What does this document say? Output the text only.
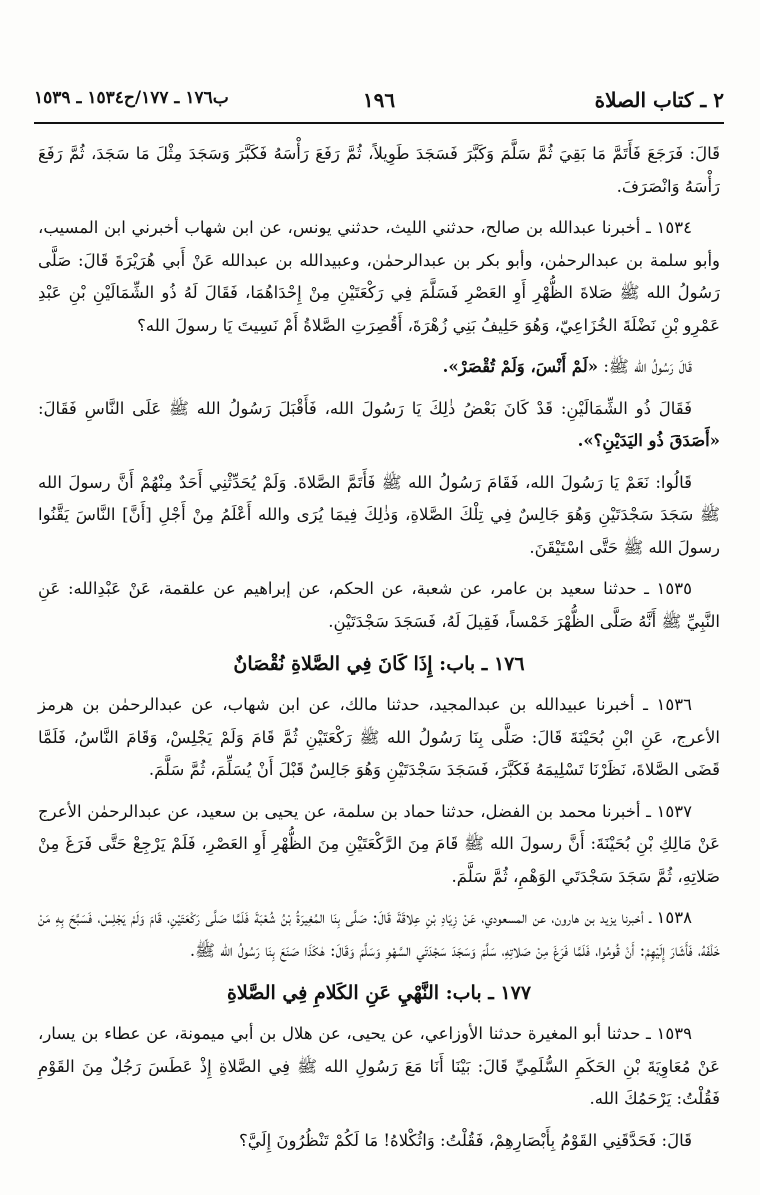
٢ ـ كتاب الصلاة
١٩٦
ب١٧٦ ـ ١٧٧/ح١٥٣٤ ـ ١٥٣٩

قَالَ: فَرَجَعَ فَأَتَمَّ مَا بَقِيَ ثُمَّ سَلَّمَ وَكَبَّرَ فَسَجَدَ طَوِيلاً، ثُمَّ رَفَعَ رَأْسَهُ فَكَبَّرَ وَسَجَدَ مِثْلَ مَا سَجَدَ، ثُمَّ رَفَعَ رَأْسَهُ وَانْصَرَفَ.

١٥٣٤ ـ أخبرنا عبدالله بن صالح، حدثني الليث، حدثني يونس، عن ابن شهاب أخبرني ابن المسيب، وأبو سلمة بن عبدالرحمٰن، وأبو بكر بن عبدالرحمٰن، وعبيدالله بن عبدالله عَنْ أَبي هُرَيْرَةَ قَالَ: صَلَّى رَسُولُ الله ﷺ صَلاةَ الظُّهْرِ أَوِ العَصْرِ فَسَلَّمَ فِي رَكْعَتَيْنِ مِنْ إِحْدَاهُمَا، فَقَالَ لَهُ ذُو الشِّمَالَيْنِ بْنِ عَبْدِ عَمْرِو بْنِ نَضْلَةَ الخُزَاعِيّ، وَهُوَ حَلِيفُ بَنِي زُهْرَةَ، أَقُصِرَتِ الصَّلاةُ أَمْ نَسِيتَ يَا رسولَ الله؟

قَالَ رَسُولُ الله ﷺ: «لَمْ أَنْسَ، وَلَمْ تُقْصَرْ».

فَقَالَ ذُو الشِّمَالَيْنِ: قَدْ كَانَ بَعْضُ ذٰلِكَ يَا رَسُولَ الله، فَأَقْبَلَ رَسُولُ الله ﷺ عَلَى النَّاسِ فَقَالَ: «أَصَدَقَ ذُو اليَدَيْنِ؟».

قَالُوا: نَعَمْ يَا رَسُولَ الله، فَقَامَ رَسُولُ الله ﷺ فَأَتَمَّ الصَّلاةَ. وَلَمْ يُحَدِّثْنِي أَحَدٌ مِنْهُمْ أَنَّ رسولَ الله ﷺ سَجَدَ سَجْدَتَيْنِ وَهُوَ جَالِسٌ فِي تِلْكَ الصَّلاةِ، وَذٰلِكَ فِيمَا يُرَى والله أَعْلَمُ مِنْ أَجْلِ [أَنَّ] النَّاسَ يَقَّنُوا رسولَ الله ﷺ حَتَّى اسْتَيْقَنَ.

١٥٣٥ ـ حدثنا سعيد بن عامر، عن شعبة، عن الحكم، عن إبراهيم عن علقمة، عَنْ عَبْدِالله: عَنِ النَّبِيِّ ﷺ أَنَّهُ صَلَّى الظُّهْرَ خَمْساً، فَقِيلَ لَهُ، فَسَجَدَ سَجْدَتَيْنِ.

١٧٦ ـ باب: إِذَا كَانَ فِي الصَّلاةِ نُقْصَانٌ

١٥٣٦ ـ أخبرنا عبيدالله بن عبدالمجيد، حدثنا مالك، عن ابن شهاب، عن عبدالرحمٰن بن هرمز الأعرج، عَنِ ابْنِ بُحَيْنَةَ قَالَ: صَلَّى بِنَا رَسُولُ الله ﷺ رَكْعَتَيْنِ ثُمَّ قَامَ وَلَمْ يَجْلِسْ، وَقَامَ النَّاسُ، فَلَمَّا قَضَى الصَّلاةَ، نَظَرْنَا تَسْلِيمَهُ فَكَبَّرَ، فَسَجَدَ سَجْدَتَيْنِ وَهُوَ جَالِسٌ قَبْلَ أَنْ يُسَلِّمَ، ثُمَّ سَلَّمَ.

١٥٣٧ ـ أخبرنا محمد بن الفضل، حدثنا حماد بن سلمة، عن يحيى بن سعيد، عن عبدالرحمٰن الأعرج عَنْ مَالِكِ بْنِ بُحَيْنَةَ: أَنَّ رسولَ الله ﷺ قَامَ مِنَ الرَّكْعَتَيْنِ مِنَ الظُّهْرِ أَوِ العَصْرِ، فَلَمْ يَرْجِعْ حَتَّى فَرَغَ مِنْ صَلاتِهِ، ثُمَّ سَجَدَ سَجْدَتَي الوَهْمِ، ثُمَّ سَلَّمَ.

١٥٣٨ ـ أخبرنا يزيد بن هارون، عن المسعودي، عَنْ زِيَادِ بْنِ عِلاقَةَ قَالَ: صَلَّى بِنَا المُغِيرَةُ بْنُ شُعْبَةَ فَلَمَّا صَلَّى رَكْعَتَيْنِ، قَامَ وَلَمْ يَجْلِسْ، فَسَبَّحَ بِهِ مَنْ خَلْفَهُ، فَأَشَارَ إِلَيْهِمْ: أَنْ قُومُوا، فَلَمَّا فَرَغَ مِنْ صَلاتِهِ، سَلَّمَ وَسَجَدَ سَجْدَتَي السَّهْوِ وَسَلَّمَ وَقَالَ: هٰكَذَا صَنَعَ بِنَا رَسُولُ الله ﷺ.

١٧٧ ـ باب: النَّهْيِ عَنِ الكَلامِ فِي الصَّلاةِ

١٥٣٩ ـ حدثنا أبو المغيرة حدثنا الأوزاعي، عن يحيى، عن هلال بن أبي ميمونة، عن عطاء بن يسار، عَنْ مُعَاوِيَةَ بْنِ الحَكَمِ السُّلَمِيِّ قَالَ: بَيْنَا أَنَا مَعَ رَسُولِ الله ﷺ فِي الصَّلاةِ إِذْ عَطَسَ رَجُلٌ مِنَ القَوْمِ فَقُلْتُ: يَرْحَمُكَ الله.

قَالَ: فَحَدَّقَنِي القَوْمُ بِأَبْصَارِهِمْ، فَقُلْتُ: وَاثُكْلاهُ! مَا لَكُمْ تَنْظُرُونَ إِلَيَّ؟
